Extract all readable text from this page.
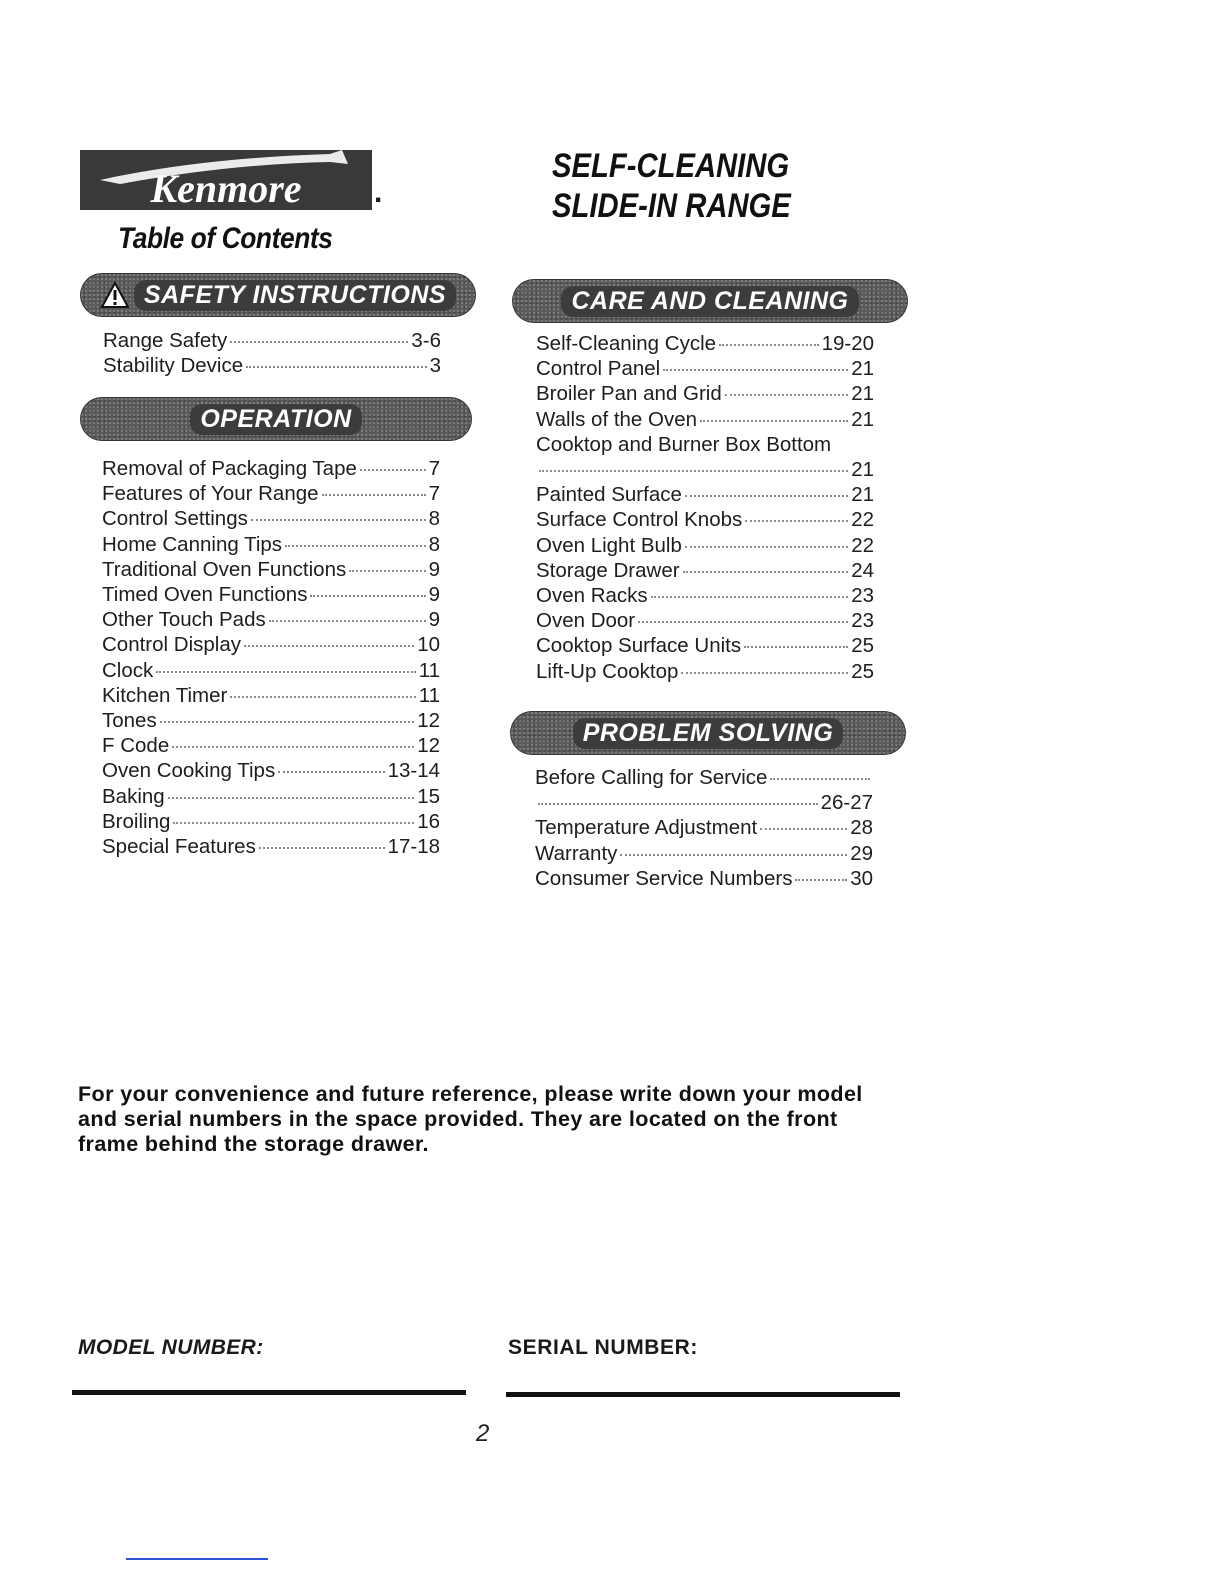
Kenmore .
Table of Contents
SELF-CLEANING
SLIDE-IN RANGE
SAFETY INSTRUCTIONS
OPERATION
CARE AND CLEANING
PROBLEM SOLVING
Range Safety	3-6
Stability Device	3
Removal of Packaging Tape	7
Features of Your Range	7
Control Settings	8
Home Canning Tips	8
Traditional Oven Functions	9
Timed Oven Functions	9
Other Touch Pads	9
Control Display	10
Clock	11
Kitchen Timer	11
Tones	12
F Code	12
Oven Cooking Tips	13-14
Baking	15
Broiling	16
Special Features	17-18
Self-Cleaning Cycle	19-20
Control Panel	21
Broiler Pan and Grid	21
Walls of the Oven	21
Cooktop and Burner Box Bottom
21
Painted Surface	21
Surface Control Knobs	22
Oven Light Bulb	22
Storage Drawer	24
Oven Racks	23
Oven Door	23
Cooktop Surface Units	25
Lift-Up Cooktop	25
Before Calling for Service
26-27
Temperature Adjustment	28
Warranty	29
Consumer Service Numbers	30
For your convenience and future reference, please write down your model and serial numbers in the space provided. They are located on the front frame behind the storage drawer.
MODEL NUMBER:	SERIAL NUMBER:
2
